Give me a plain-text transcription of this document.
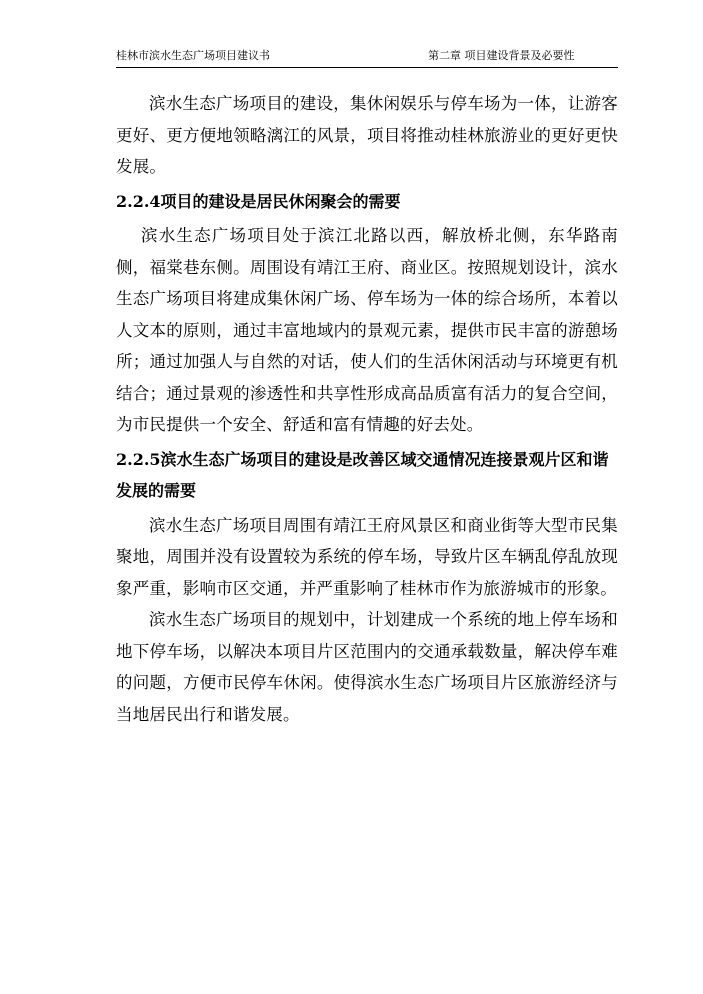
桂林市滨水生态广场项目建议书	第二章 项目建设背景及必要性

滨水生态广场项目的建设，集休闲娱乐与停车场为一体，让游客更好、更方便地领略漓江的风景，项目将推动桂林旅游业的更好更快发展。

2.2.4项目的建设是居民休闲聚会的需要

滨水生态广场项目处于滨江北路以西，解放桥北侧，东华路南侧，福棠巷东侧。周围设有靖江王府、商业区。按照规划设计，滨水生态广场项目将建成集休闲广场、停车场为一体的综合场所，本着以人文本的原则，通过丰富地域内的景观元素，提供市民丰富的游憩场所；通过加强人与自然的对话，使人们的生活休闲活动与环境更有机结合；通过景观的渗透性和共享性形成高品质富有活力的复合空间，为市民提供一个安全、舒适和富有情趣的好去处。

2.2.5滨水生态广场项目的建设是改善区域交通情况连接景观片区和谐发展的需要

滨水生态广场项目周围有靖江王府风景区和商业街等大型市民集聚地，周围并没有设置较为系统的停车场，导致片区车辆乱停乱放现象严重，影响市区交通，并严重影响了桂林市作为旅游城市的形象。

滨水生态广场项目的规划中，计划建成一个系统的地上停车场和地下停车场，以解决本项目片区范围内的交通承载数量，解决停车难的问题，方便市民停车休闲。使得滨水生态广场项目片区旅游经济与当地居民出行和谐发展。
